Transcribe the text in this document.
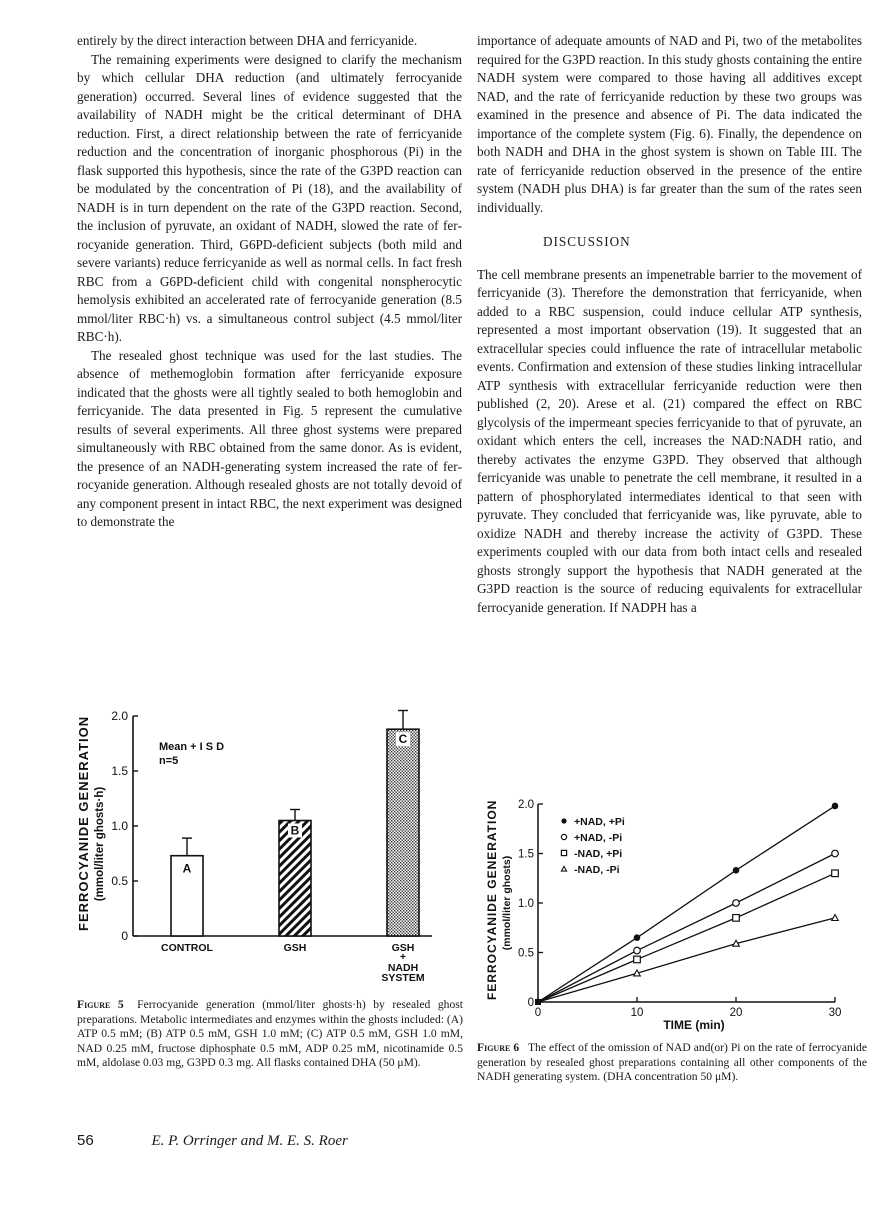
entirely by the direct interaction between DHA and ferricyanide.

The remaining experiments were designed to clarify the mechanism by which cellular DHA reduction (and ultimately ferrocyanide generation) occurred. Several lines of evidence suggested that the availability of NADH might be the critical determinant of DHA reduction. First, a direct relationship between the rate of ferricyanide reduction and the concentration of inorganic phosphorous (Pi) in the flask supported this hypothesis, since the rate of the G3PD reaction can be modulated by the concentration of Pi (18), and the availability of NADH is in turn dependent on the rate of the G3PD reaction. Second, the inclusion of pyruvate, an oxidant of NADH, slowed the rate of ferrocyanide generation. Third, G6PD-deficient subjects (both mild and severe variants) reduce ferricyanide as well as normal cells. In fact fresh RBC from a G6PD-deficient child with congenital nonspherocytic hemolysis exhibited an accelerated rate of ferrocyanide generation (8.5 mmol/liter RBC·h) vs. a simultaneous control subject (4.5 mmol/liter RBC·h).

The resealed ghost technique was used for the last studies. The absence of methemoglobin formation after ferricyanide exposure indicated that the ghosts were all tightly sealed to both hemoglobin and ferricyanide. The data presented in Fig. 5 represent the cumulative results of several experiments. All three ghost systems were prepared simultaneously with RBC obtained from the same donor. As is evident, the presence of an NADH-generating system increased the rate of ferrocyanide generation. Although resealed ghosts are not totally devoid of any component present in intact RBC, the next experiment was designed to demonstrate the

importance of adequate amounts of NAD and Pi, two of the metabolites required for the G3PD reaction. In this study ghosts containing the entire NADH system were compared to those having all additives except NAD, and the rate of ferricyanide reduction by these two groups was examined in the presence and absence of Pi. The data indicated the importance of the complete system (Fig. 6). Finally, the dependence on both NADH and DHA in the ghost system is shown on Table III. The rate of ferricyanide reduction observed in the presence of the entire system (NADH plus DHA) is far greater than the sum of the rates seen individually.

DISCUSSION

The cell membrane presents an impenetrable barrier to the movement of ferricyanide (3). Therefore the demonstration that ferricyanide, when added to a RBC suspension, could induce cellular ATP synthesis, represented a most important observation (19). It suggested that an extracellular species could influence the rate of intracellular metabolic events. Confirmation and extension of these studies linking intracellular ATP synthesis with extracellular ferricyanide reduction were then published (2, 20). Arese et al. (21) compared the effect on RBC glycolysis of the impermeant species ferricyanide to that of pyruvate, an oxidant which enters the cell, increases the NAD:NADH ratio, and thereby activates the enzyme G3PD. They observed that although ferricyanide was unable to penetrate the cell membrane, it resulted in a pattern of phosphorylated intermediates identical to that seen with pyruvate. They concluded that ferricyanide was, like pyruvate, able to oxidize NADH and thereby increase the activity of G3PD. These experiments coupled with our data from both intact cells and resealed ghosts strongly support the hypothesis that NADH generated at the G3PD reaction is the source of reducing equivalents for extracellular ferrocyanide generation. If NADPH has a

0
0.5
1.0
1.5
2.0
A
CONTROL
B
GSH
C
GSH
+
NADH
SYSTEM
FERROCYANIDE GENERATION (mmol/liter ghosts·h)
Mean + I S D
n=5
0
0.5
1.0
1.5
2.0
0	10	20	30
+NAD, +Pi
+NAD, -Pi
-NAD, +Pi
-NAD, -Pi
FERROCYANIDE GENERATION (mmol/liter ghosts)
TIME (min)
Figure 5 Ferrocyanide generation (mmol/liter ghosts·h) by resealed ghost preparations. Metabolic intermediates and enzymes within the ghosts included: (A) ATP 0.5 mM; (B) ATP 0.5 mM, GSH 1.0 mM; (C) ATP 0.5 mM, GSH 1.0 mM, NAD 0.25 mM, fructose diphosphate 0.5 mM, ADP 0.25 mM, nicotinamide 0.5 mM, aldolase 0.03 mg, G3PD 0.3 mg. All flasks contained DHA (50 μM).
Figure 6 The effect of the omission of NAD and(or) Pi on the rate of ferrocyanide generation by resealed ghost preparations containing all other components of the NADH generating system. (DHA concentration 50 μM).
56	E. P. Orringer and M. E. S. Roer
